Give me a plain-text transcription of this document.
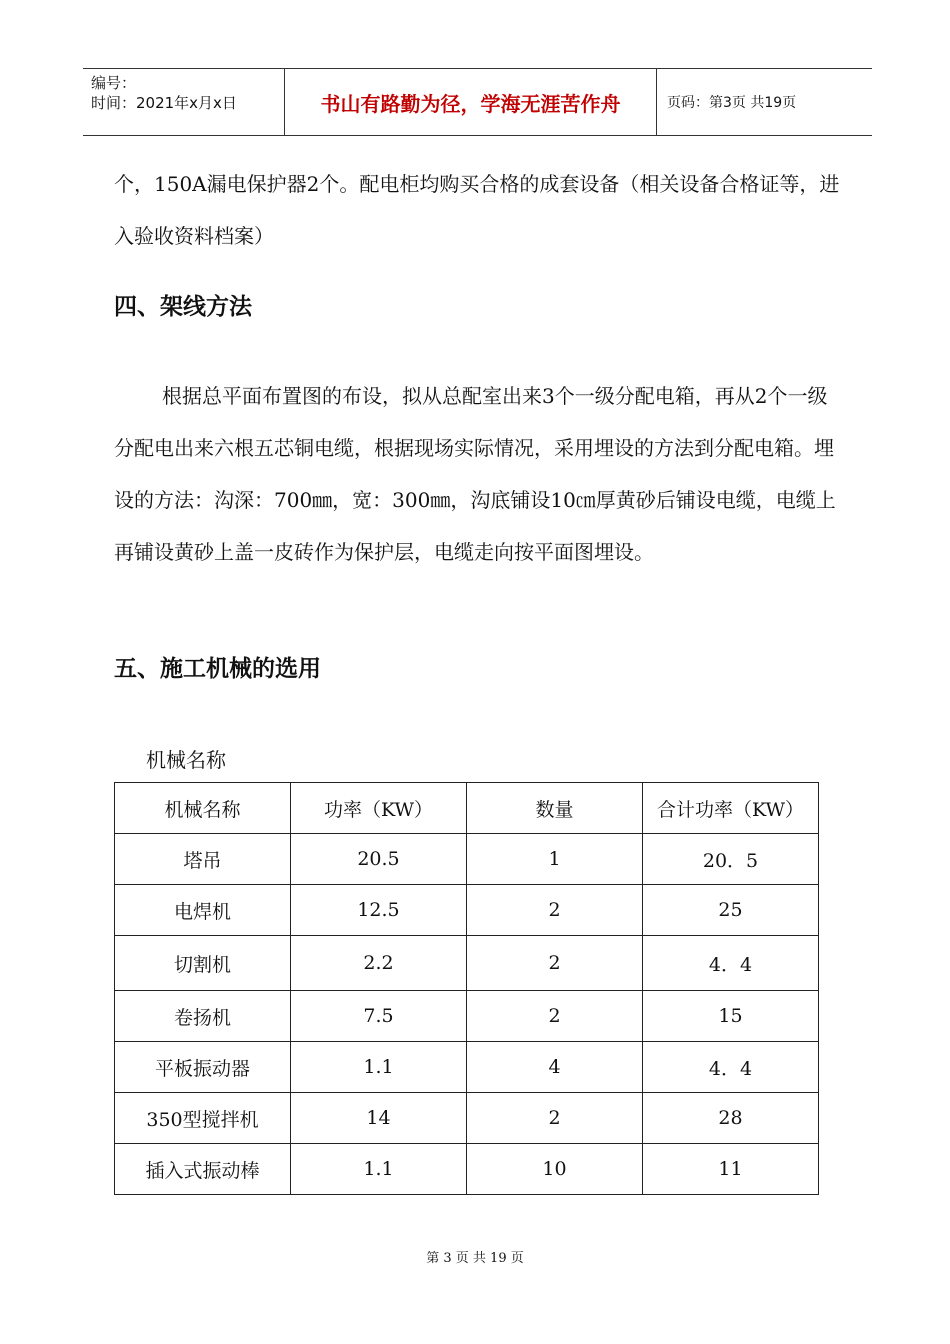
编号：
时间：2021年x月x日	书山有路勤为径，学海无涯苦作舟	页码：第3页 共19页

个，150A漏电保护器2个。配电柜均购买合格的成套设备（相关设备合格证等，进入验收资料档案）

四、架线方法

根据总平面布置图的布设，拟从总配室出来3个一级分配电箱，再从2个一级分配电出来六根五芯铜电缆，根据现场实际情况，采用埋设的方法到分配电箱。埋设的方法：沟深：700㎜，宽：300㎜，沟底铺设10㎝厚黄砂后铺设电缆，电缆上再铺设黄砂上盖一皮砖作为保护层，电缆走向按平面图埋设。

五、施工机械的选用

机械名称

机械名称	功率（KW）	数量	合计功率（KW）
塔吊	20.5	1	20．5
电焊机	12.5	2	25
切割机	2.2	2	4．4
卷扬机	7.5	2	15
平板振动器	1.1	4	4．4
350型搅拌机	14	2	28
插入式振动棒	1.1	10	11
第 3 页 共 19 页
